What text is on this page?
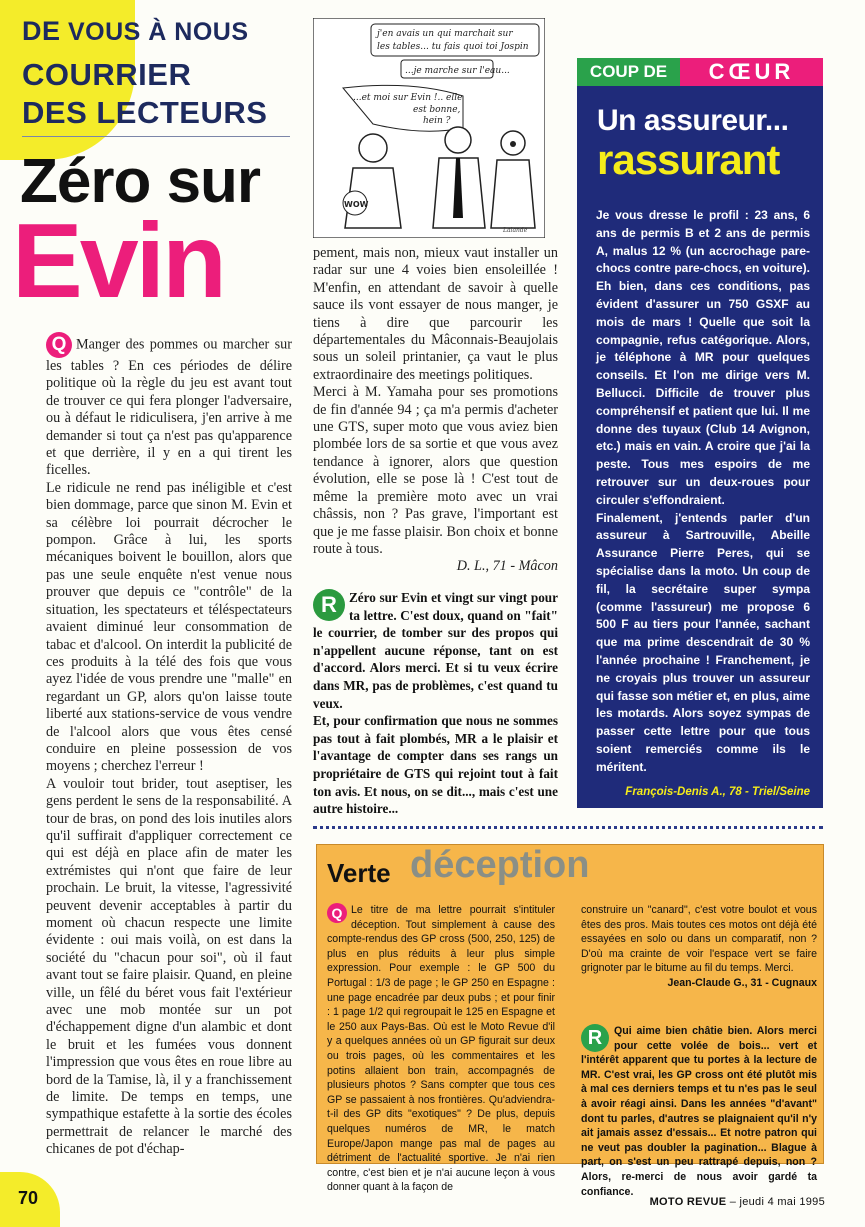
DE VOUS À NOUS
COURRIER
DES LECTEURS
Zéro sur
Evin

Q Manger des pommes ou marcher sur les tables ? En ces périodes de délire politique où la règle du jeu est avant tout de trouver ce qui fera plonger l'adversaire, ou à défaut le ridiculisera, j'en arrive à me demander si tout ça n'est pas qu'apparence et que derrière, il y en a qui tirent les ficelles.

Le ridicule ne rend pas inéligible et c'est bien dommage, parce que sinon M. Evin et sa célèbre loi pourrait décrocher le pompon. Grâce à lui, les sports mécaniques boivent le bouillon, alors que pas une seule enquête n'est venue nous prouver que depuis ce "contrôle" de la situation, les spectateurs et téléspectateurs avaient diminué leur consommation de tabac et d'alcool. On interdit la publicité de ces produits à la télé des fois que vous ayez l'idée de vous prendre une "malle" en regardant un GP, alors qu'on laisse toute liberté aux stations-service de vous vendre de l'alcool alors que vous êtes censé conduire en pleine possession de vos moyens ; cherchez l'erreur !

A vouloir tout brider, tout aseptiser, les gens perdent le sens de la responsabilité. A tour de bras, on pond des lois inutiles alors qu'il suffirait d'appliquer correctement ce qui est déjà en place afin de mater les extrémistes qui n'ont que faire de leur prochain. Le bruit, la vitesse, l'agressivité peuvent devenir acceptables à partir du moment où chacun respecte une limite évidente : oui mais voilà, on est dans la société du "chacun pour soi", où il faut avant tout se faire plaisir. Quand, en pleine ville, un fêlé du béret vous fait l'extérieur avec une mob montée sur un pot d'échappement digne d'un alambic et dont le bruit et les fumées vous donnent l'impression que vous êtes en roue libre au bord de la Tamise, là, il y a franchissement de limite. De temps en temps, une sympathique estafette à la sortie des écoles permettrait de relancer le marché des chicanes de pot d'échap-

j'en avais un qui marchait sur les tables... tu fais quoi toi Jospin
...je marche sur l'eau...
...et moi sur Evin !.. elle est bonne, hein ?
WOW
Lalande

pement, mais non, mieux vaut installer un radar sur une 4 voies bien ensoleillée ! M'enfin, en attendant de savoir à quelle sauce ils vont essayer de nous manger, je tiens à dire que parcourir les départementales du Mâconnais-Beaujolais sous un soleil printanier, ça vaut le plus extraordinaire des meetings politiques.

Merci à M. Yamaha pour ses promotions de fin d'année 94 ; ça m'a permis d'acheter une GTS, super moto que vous aviez bien plombée lors de sa sortie et que vous avez tendance à ignorer, alors que question évolution, elle se pose là ! C'est tout de même la première moto avec un vrai châssis, non ? Pas grave, l'important est que je me fasse plaisir. Bon choix et bonne route à tous.

D. L., 71 - Mâcon

R Zéro sur Evin et vingt sur vingt pour ta lettre. C'est doux, quand on "fait" le courrier, de tomber sur des propos qui n'appellent aucune réponse, tant on est d'accord. Alors merci. Et si tu veux écrire dans MR, pas de problèmes, c'est quand tu veux.

Et, pour confirmation que nous ne sommes pas tout à fait plombés, MR a le plaisir et l'avantage de compter dans ses rangs un propriétaire de GTS qui rejoint tout à fait ton avis. Et nous, on se dit..., mais c'est une autre histoire...

COUP DE	CŒUR
Un assureur...
rassurant

Je vous dresse le profil : 23 ans, 6 ans de permis B et 2 ans de permis A, malus 12 % (un accrochage pare-chocs contre pare-chocs, en voiture). Eh bien, dans ces conditions, pas évident d'assurer un 750 GSXF au mois de mars ! Quelle que soit la compagnie, refus catégorique. Alors, je téléphone à MR pour quelques conseils. Et l'on me dirige vers M. Bellucci. Difficile de trouver plus compréhensif et patient que lui. Il me donne des tuyaux (Club 14 Avignon, etc.) mais en vain. A croire que j'ai la peste. Tous mes espoirs de me retrouver sur un deux-roues pour circuler s'effondraient.

Finalement, j'entends parler d'un assureur à Sartrouville, Abeille Assurance Pierre Peres, qui se spécialise dans la moto. Un coup de fil, la secrétaire super sympa (comme l'assureur) me propose 6 500 F au tiers pour l'année, sachant que ma prime descendrait de 30 % l'année prochaine ! Franchement, je ne croyais plus trouver un assureur qui fasse son métier et, en plus, aime les motards. Alors soyez sympas de passer cette lettre pour que tous soient remerciés comme ils le méritent.

François-Denis A., 78 - Triel/Seine
Verte déception
Q Le titre de ma lettre pourrait s'intituler déception. Tout simplement à cause des compte-rendus des GP cross (500, 250, 125) de plus en plus réduits à leur plus simple expression. Pour exemple : le GP 500 du Portugal : 1/3 de page ; le GP 250 en Espagne : une page encadrée par deux pubs ; et pour finir : 1 page 1/2 qui regroupait le 125 en Espagne et le 250 aux Pays-Bas. Où est le Moto Revue d'il y a quelques années où un GP figurait sur deux ou trois pages, où les commentaires et les potins allaient bon train, accompagnés de plusieurs photos ? Sans compter que tous ces GP se passaient à nos frontières. Qu'adviendra-t-il des GP dits "exotiques" ? De plus, depuis quelques numéros de MR, le match Europe/Japon mange pas mal de pages au détriment de l'actualité sportive. Je n'ai rien contre, c'est bien et je n'ai aucune leçon à vous donner quant à la façon de

construire un "canard", c'est votre boulot et vous êtes des pros. Mais toutes ces motos ont déjà été essayées en solo ou dans un comparatif, non ? D'où ma crainte de voir l'espace vert se faire grignoter par le bitume au fil du temps. Merci.

Jean-Claude G., 31 - Cugnaux

R	Qui aime bien châtie bien. Alors merci pour cette volée de bois... vert et l'intérêt apparent que tu portes à la lecture de MR. C'est vrai, les GP cross ont été plutôt mis à mal ces derniers temps et tu n'es pas le seul à avoir réagi ainsi. Dans les années "d'avant" dont tu parles, d'autres se plaignaient qu'il n'y ait jamais assez d'essais... Et notre patron qui ne veut pas doubler la pagination... Blague à part, on s'est un peu rattrapé depuis, non ? Alors, re-merci de nous avoir gardé ta confiance.
70	MOTO REVUE – jeudi 4 mai 1995
